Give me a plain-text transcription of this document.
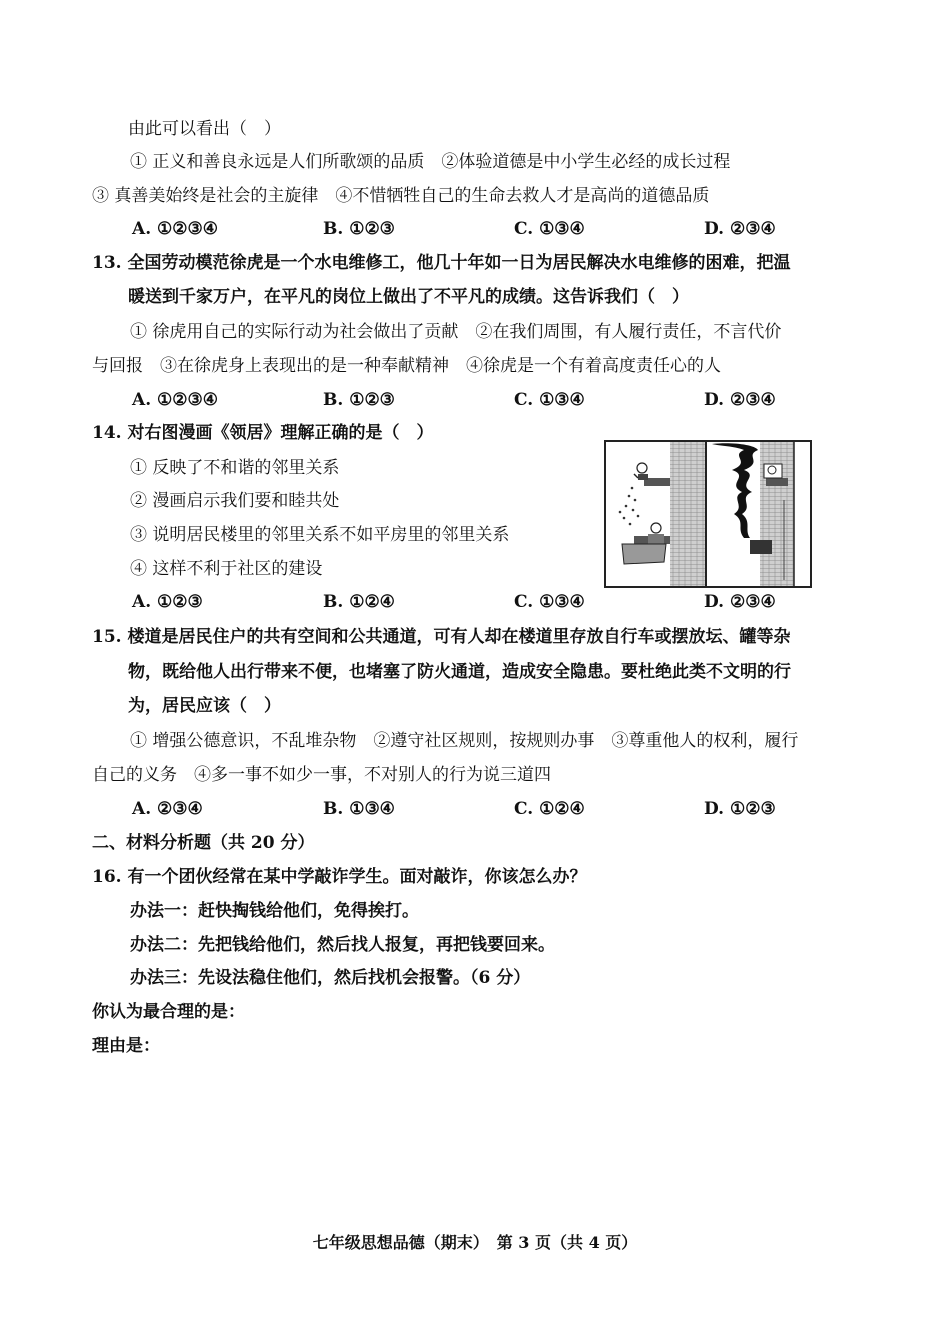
由此可以看出（　）
① 正义和善良永远是人们所歌颂的品质　②体验道德是中小学生必经的成长过程
③ 真善美始终是社会的主旋律　④不惜牺牲自己的生命去救人才是高尚的道德品质
A. ①②③④	B. ①②③	C. ①③④	D. ②③④
13. 全国劳动模范徐虎是一个水电维修工，他几十年如一日为居民解决水电维修的困难，把温
暖送到千家万户，在平凡的岗位上做出了不平凡的成绩。这告诉我们（　）
① 徐虎用自己的实际行动为社会做出了贡献　②在我们周围，有人履行责任，不言代价
与回报　③在徐虎身上表现出的是一种奉献精神　④徐虎是一个有着高度责任心的人
A. ①②③④	B. ①②③	C. ①③④	D. ②③④
14. 对右图漫画《领居》理解正确的是（　）
① 反映了不和谐的邻里关系
② 漫画启示我们要和睦共处
③ 说明居民楼里的邻里关系不如平房里的邻里关系
④ 这样不利于社区的建设
A. ①②③	B. ①②④	C. ①③④	D. ②③④
15. 楼道是居民住户的共有空间和公共通道，可有人却在楼道里存放自行车或摆放坛、罐等杂
物，既给他人出行带来不便，也堵塞了防火通道，造成安全隐患。要杜绝此类不文明的行
为，居民应该（　）
① 增强公德意识，不乱堆杂物　②遵守社区规则，按规则办事　③尊重他人的权利，履行
自己的义务　④多一事不如少一事，不对别人的行为说三道四
A. ②③④	B. ①③④	C. ①②④	D. ①②③
二、材料分析题（共 20 分）
16. 有一个团伙经常在某中学敲诈学生。面对敲诈，你该怎么办？
办法一：赶快掏钱给他们，免得挨打。
办法二：先把钱给他们，然后找人报复，再把钱要回来。
办法三：先设法稳住他们，然后找机会报警。（6 分）
你认为最合理的是：
理由是：
七年级思想品德（期末）　第 3 页（共 4 页）
